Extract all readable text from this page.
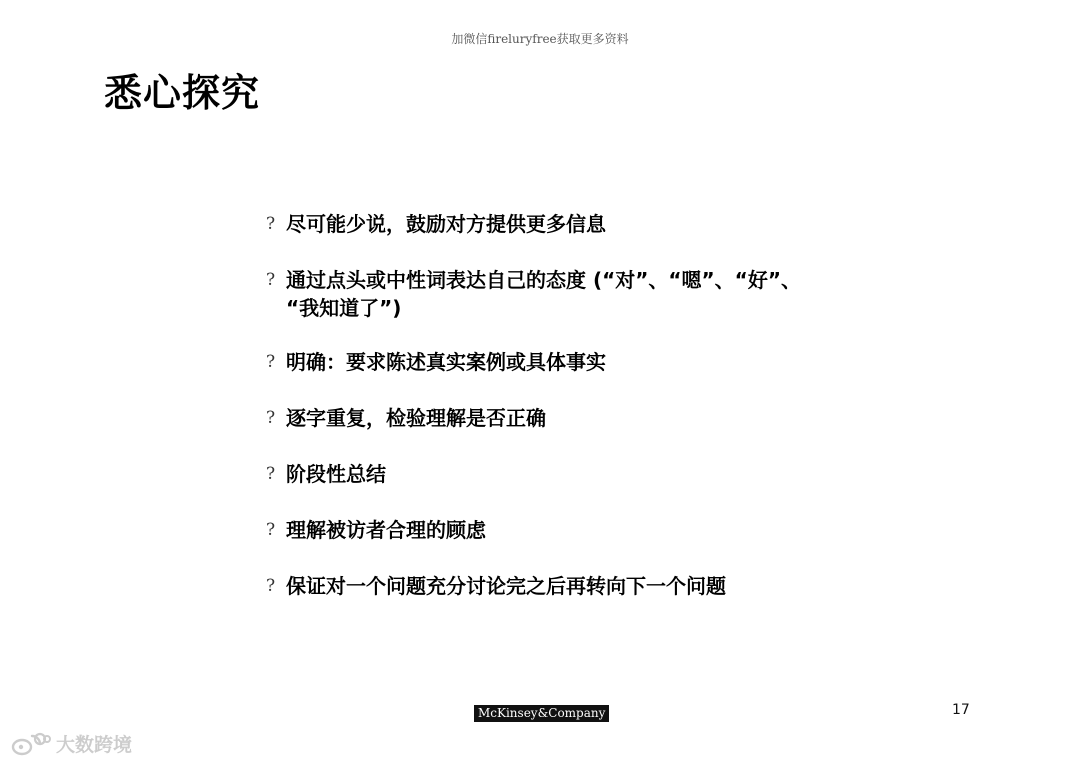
加微信fireluryfree获取更多资料
悉心探究
? 尽可能少说，鼓励对方提供更多信息
? 通过点头或中性词表达自己的态度 (“对”、“嗯”、“好”、
“我知道了”)
? 明确：要求陈述真实案例或具体事实
? 逐字重复，检验理解是否正确
? 阶段性总结
? 理解被访者合理的顾虑
? 保证对一个问题充分讨论完之后再转向下一个问题
McKinsey&Company	17
大数跨境
